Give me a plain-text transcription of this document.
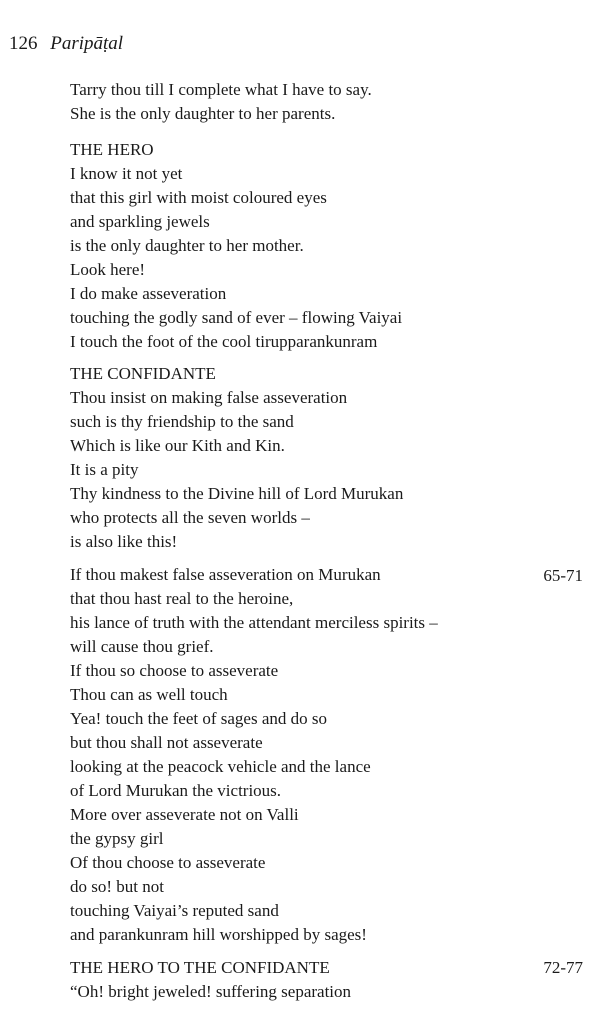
126 Paripāṭal
Tarry thou till I complete what I have to say.
She is the only daughter to her parents.
THE HERO
I know it not yet
that this girl with moist coloured eyes
and sparkling jewels
is the only daughter to her mother.
Look here!
I do make asseveration
touching the godly sand of ever – flowing Vaiyai
I touch the foot of the cool tirupparankunram
THE CONFIDANTE
Thou insist on making false asseveration
such is thy friendship to the sand
Which is like our Kith and Kin.
It is a pity
Thy kindness to the Divine hill of Lord Murukan
who protects all the seven worlds –
is also like this!
65-71
If thou makest false asseveration on Murukan
that thou hast real to the heroine,
his lance of truth with the attendant merciless spirits –
will cause thou grief.
If thou so choose to asseverate
Thou can as well touch
Yea! touch the feet of sages and do so
but thou shall not asseverate
looking at the peacock vehicle and the lance
of Lord Murukan the victrious.
More over asseverate not on Valli
the gypsy girl
Of thou choose to asseverate
do so! but not
touching Vaiyai’s reputed sand
and parankunram hill worshipped by sages!
72-77
THE HERO TO THE CONFIDANTE
“Oh! bright jeweled! suffering separation
